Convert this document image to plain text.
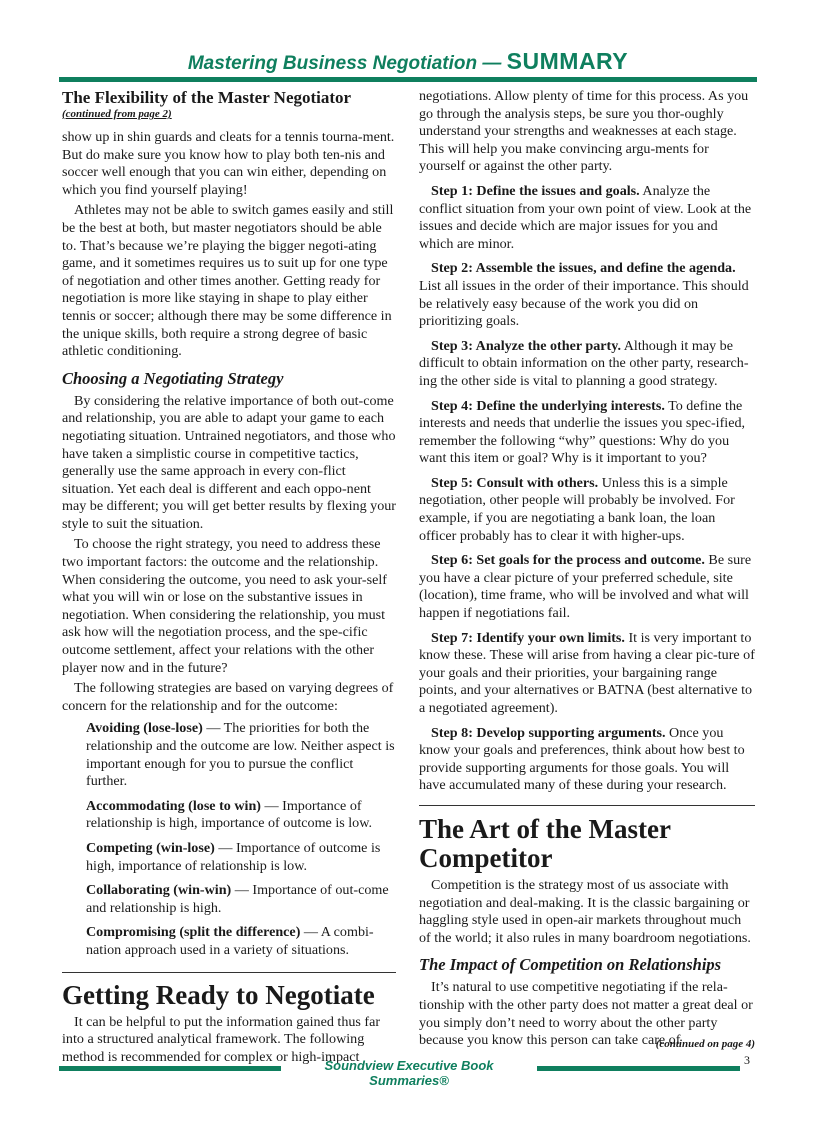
Mastering Business Negotiation — SUMMARY
The Flexibility of the Master Negotiator
(continued from page 2)

show up in shin guards and cleats for a tennis tourna-ment. But do make sure you know how to play both ten-nis and soccer well enough that you can win either, depending on which you find yourself playing!

Athletes may not be able to switch games easily and still be the best at both, but master negotiators should be able to. That’s because we’re playing the bigger negoti-ating game, and it sometimes requires us to suit up for one type of negotiation and other times another. Getting ready for negotiation is more like staying in shape to play either tennis or soccer; although there may be some difference in the unique skills, both require a strong degree of basic athletic conditioning.

Choosing a Negotiating Strategy

By considering the relative importance of both out-come and relationship, you are able to adapt your game to each negotiating situation. Untrained negotiators, and those who have taken a simplistic course in competitive tactics, generally use the same approach in every con-flict situation. Yet each deal is different and each oppo-nent may be different; you will get better results by flexing your style to suit the situation.

To choose the right strategy, you need to address these two important factors: the outcome and the relationship. When considering the outcome, you need to ask your-self what you will win or lose on the substantive issues in negotiation. When considering the relationship, you must ask how will the negotiation process, and the spe-cific outcome settlement, affect your relations with the other player now and in the future?

The following strategies are based on varying degrees of concern for the relationship and for the outcome:

Avoiding (lose-lose) — The priorities for both the relationship and the outcome are low. Neither aspect is important enough for you to pursue the conflict further.

Accommodating (lose to win) — Importance of relationship is high, importance of outcome is low.

Competing (win-lose) — Importance of outcome is high, importance of relationship is low.

Collaborating (win-win) — Importance of out-come and relationship is high.

Compromising (split the difference) — A combi-nation approach used in a variety of situations.

Getting Ready to Negotiate

It can be helpful to put the information gained thus far into a structured analytical framework. The following method is recommended for complex or high-impact

negotiations. Allow plenty of time for this process. As you go through the analysis steps, be sure you thor-oughly understand your strengths and weaknesses at each stage. This will help you make convincing argu-ments for yourself or against the other party.

Step 1: Define the issues and goals. Analyze the conflict situation from your own point of view. Look at the issues and decide which are major issues for you and which are minor.

Step 2: Assemble the issues, and define the agenda. List all issues in the order of their importance. This should be relatively easy because of the work you did on prioritizing goals.

Step 3: Analyze the other party. Although it may be difficult to obtain information on the other party, research-ing the other side is vital to planning a good strategy.

Step 4: Define the underlying interests. To define the interests and needs that underlie the issues you spec-ified, remember the following “why” questions: Why do you want this item or goal? Why is it important to you?

Step 5: Consult with others. Unless this is a simple negotiation, other people will probably be involved. For example, if you are negotiating a bank loan, the loan officer probably has to clear it with higher-ups.

Step 6: Set goals for the process and outcome. Be sure you have a clear picture of your preferred schedule, site (location), time frame, who will be involved and what will happen if negotiations fail.

Step 7: Identify your own limits. It is very important to know these. These will arise from having a clear pic-ture of your goals and their priorities, your bargaining range points, and your alternatives or BATNA (best alternative to a negotiated agreement).

Step 8: Develop supporting arguments. Once you know your goals and preferences, think about how best to provide supporting arguments for those goals. You will have accumulated many of these during your research.

The Art of the Master
Competitor

Competition is the strategy most of us associate with negotiation and deal-making. It is the classic bargaining or haggling style used in open-air markets throughout much of the world; it also rules in many boardroom negotiations.

The Impact of Competition on Relationships

It’s natural to use competitive negotiating if the rela-tionship with the other party does not matter a great deal or you simply don’t need to worry about the other party because you know this person can take care of

(continued on page 4)
Soundview Executive Book Summaries®
3
